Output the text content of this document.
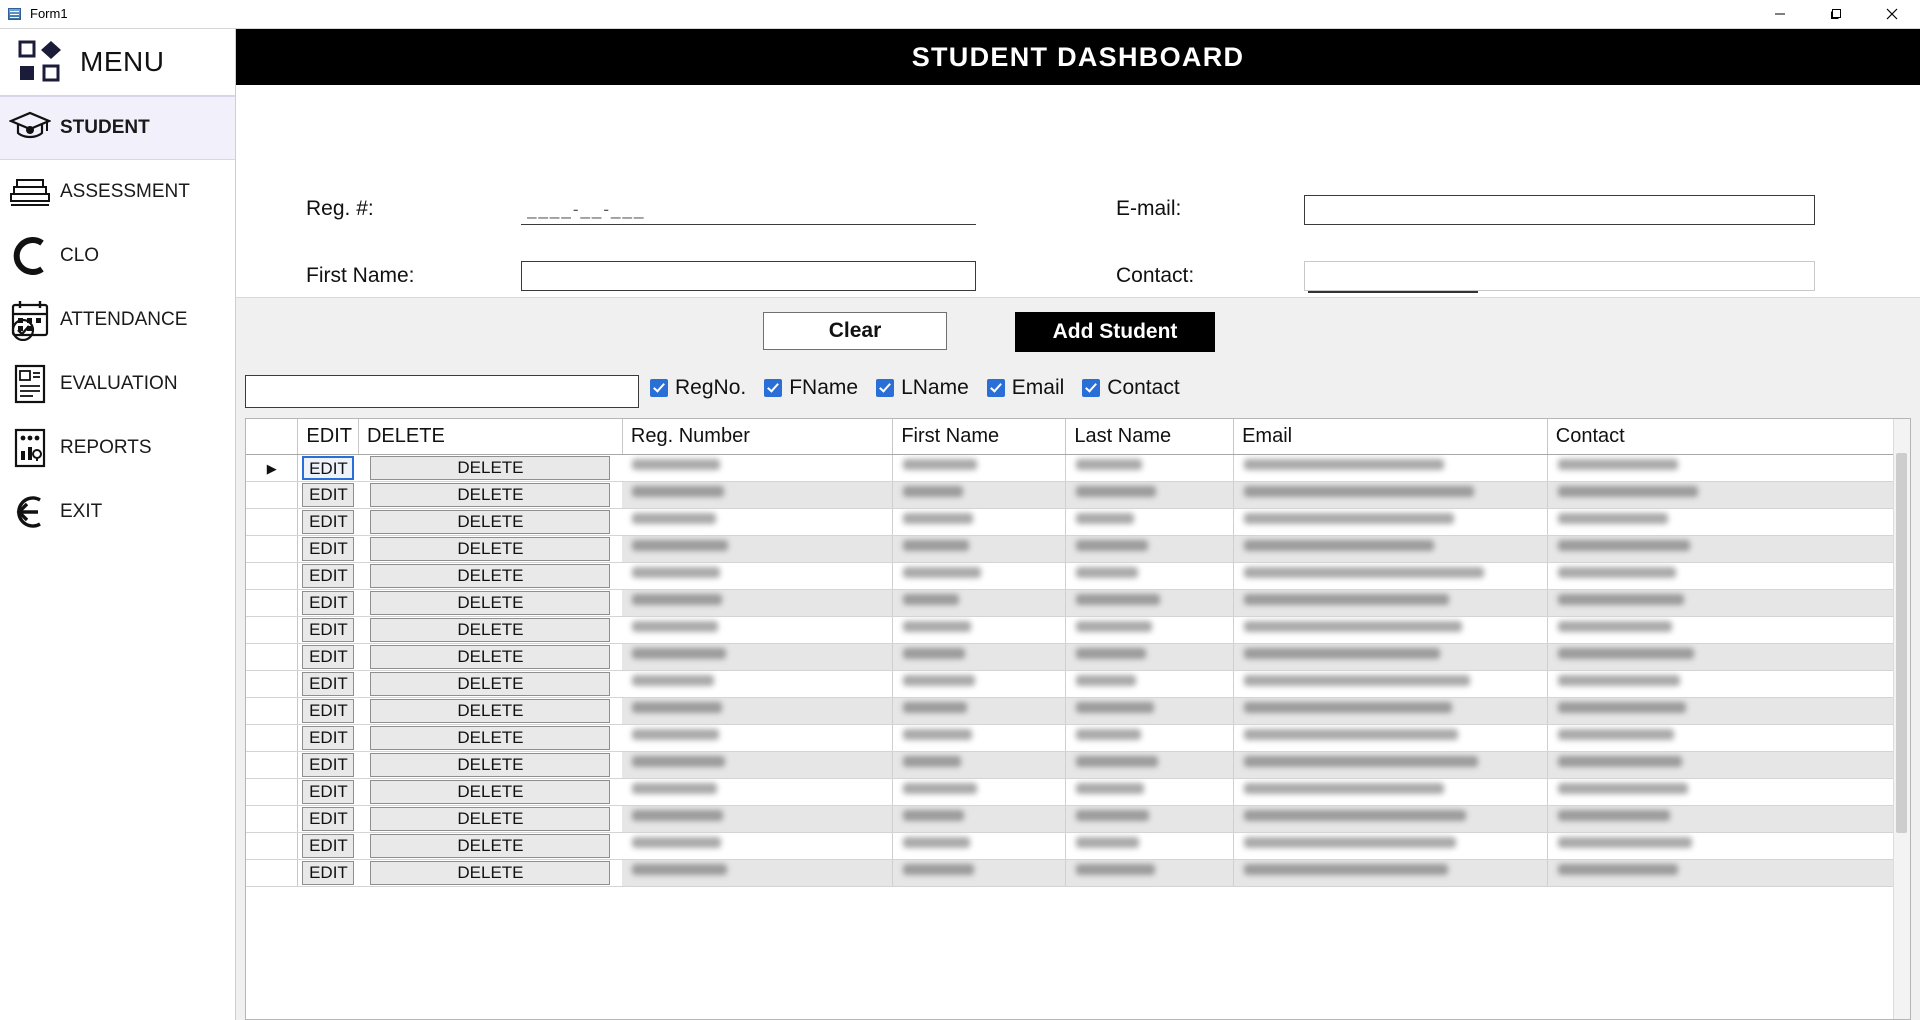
Form1
MENU
STUDENT
ASSESSMENT
CLO
ATTENDANCE
EVALUATION
REPORTS
EXIT
STUDENT DASHBOARD
Reg. #:
____-__-___
First Name:
E-mail:
Contact:
Clear	Add Student
RegNo. FName LName Email Contact
	EDIT	DELETE	Reg. Number	First Name	Last Name	Email	Contact
▶	EDIT	DELETE					

	EDIT	DELETE					

	EDIT	DELETE					

	EDIT	DELETE					

	EDIT	DELETE					

	EDIT	DELETE					

	EDIT	DELETE					

	EDIT	DELETE					

	EDIT	DELETE					

	EDIT	DELETE					

	EDIT	DELETE					

	EDIT	DELETE					

	EDIT	DELETE					

	EDIT	DELETE					

	EDIT	DELETE					

	EDIT	DELETE					
